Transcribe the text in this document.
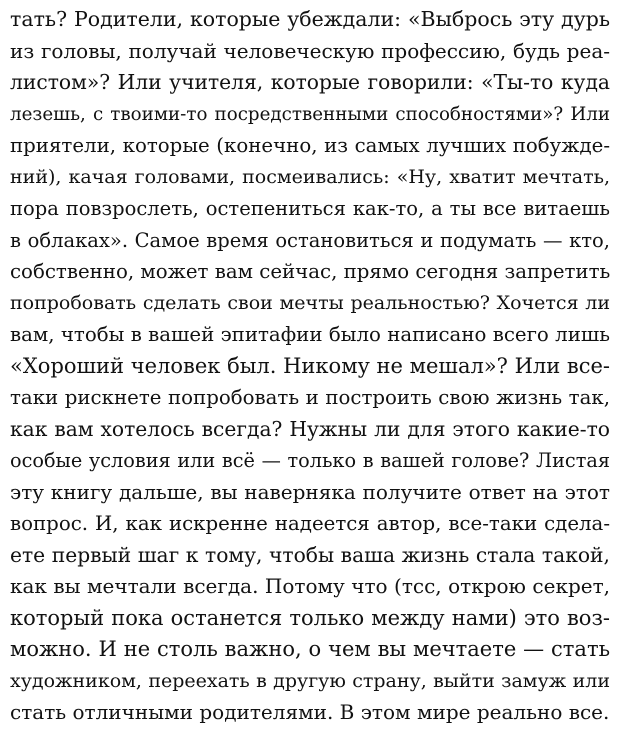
тать? Родители, которые убеждали: «Выбрось эту дурь
из головы, получай человеческую профессию, будь реа-
листом»? Или учителя, которые говорили: «Ты-то куда
лезешь, с твоими-то посредственными способностями»? Или
приятели, которые (конечно, из самых лучших побужде-
ний), качая головами, посмеивались: «Ну, хватит мечтать,
пора повзрослеть, остепениться как-то, а ты все витаешь
в облаках». Самое время остановиться и подумать — кто,
собственно, может вам сейчас, прямо сегодня запретить
попробовать сделать свои мечты реальностью? Хочется ли
вам, чтобы в вашей эпитафии было написано всего лишь
«Хороший человек был. Никому не мешал»? Или все-
таки рискнете попробовать и построить свою жизнь так,
как вам хотелось всегда? Нужны ли для этого какие-то
особые условия или всё — только в вашей голове? Листая
эту книгу дальше, вы наверняка получите ответ на этот
вопрос. И, как искренне надеется автор, все-таки сдела-
ете первый шаг к тому, чтобы ваша жизнь стала такой,
как вы мечтали всегда. Потому что (тсс, открою секрет,
который пока останется только между нами) это воз-
можно. И не столь важно, о чем вы мечтаете — стать
художником, переехать в другую страну, выйти замуж или
стать отличными родителями. В этом мире реально все.
